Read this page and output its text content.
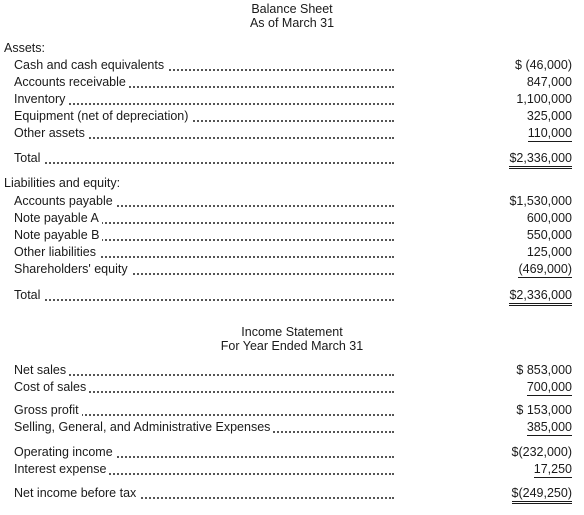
Balance Sheet
As of March 31
Assets:
Cash and cash equivalents	$ (46,000)
Accounts receivable	847,000
Inventory	1,100,000
Equipment (net of depreciation)	325,000
Other assets	110,000
Total	$2,336,000
Liabilities and equity:
Accounts payable	$1,530,000
Note payable A	600,000
Note payable B	550,000
Other liabilities	125,000
Shareholders' equity	(469,000)
Total	$2,336,000
Income Statement
For Year Ended March 31
Net sales	$ 853,000
Cost of sales	700,000
Gross profit	$ 153,000
Selling, General, and Administrative Expenses	385,000
Operating income	$(232,000)
Interest expense	17,250
Net income before tax	$(249,250)
